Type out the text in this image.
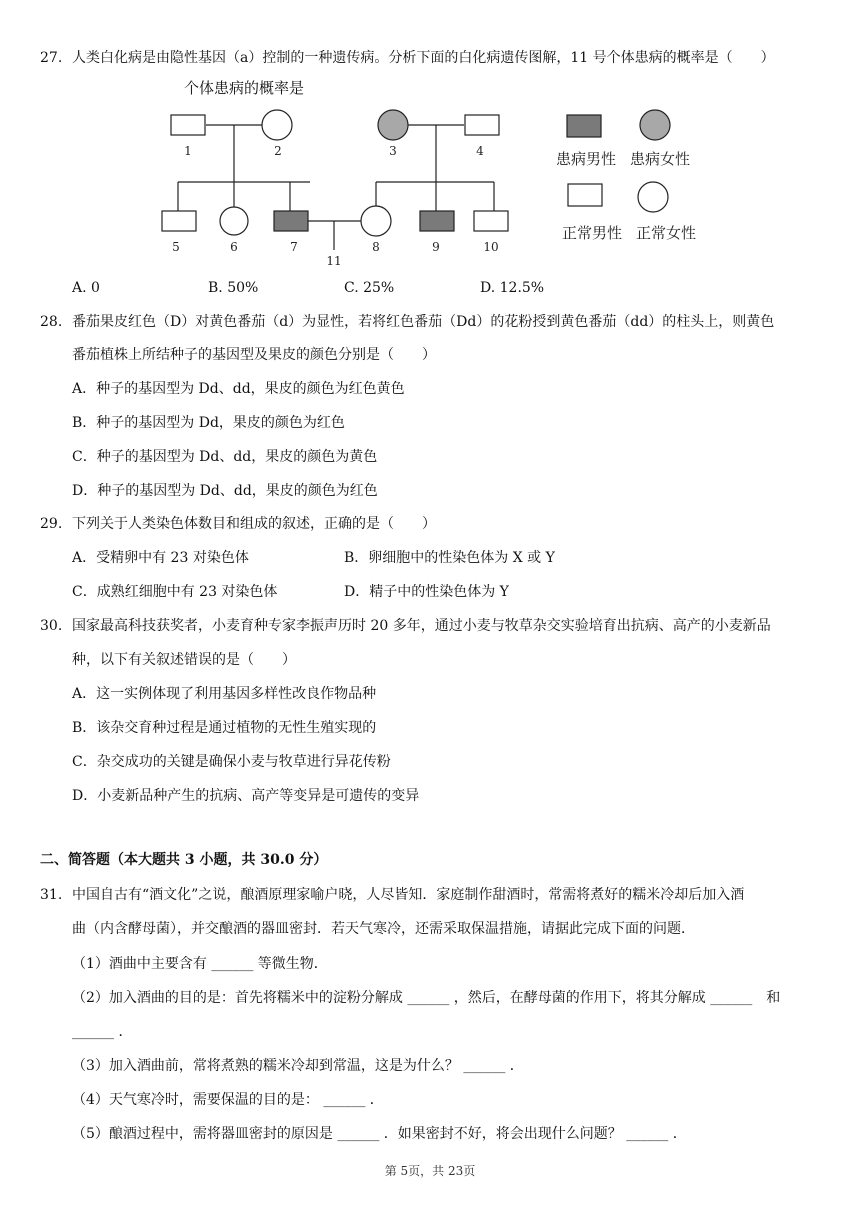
27. 人类白化病是由隐性基因（a）控制的一种遗传病。分析下面的白化病遗传图解，11 号个体患病的概率是（　　）
个体患病的概率是
1	2	3	4
5	6	7	8	9	10
11
患病男性 患病女性
正常男性 正常女性
A. 0	B. 50%	C. 25%	D. 12.5%
28. 番茄果皮红色（D）对黄色番茄（d）为显性，若将红色番茄（Dd）的花粉授到黄色番茄（dd）的柱头上，则黄色
番茄植株上所结种子的基因型及果皮的颜色分别是（　　）
A．种子的基因型为 Dd、dd，果皮的颜色为红色黄色
B．种子的基因型为 Dd，果皮的颜色为红色
C．种子的基因型为 Dd、dd，果皮的颜色为黄色
D．种子的基因型为 Dd、dd，果皮的颜色为红色
29. 下列关于人类染色体数目和组成的叙述，正确的是（　　）
A．受精卵中有 23 对染色体	B．卵细胞中的性染色体为 X 或 Y
C．成熟红细胞中有 23 对染色体	D．精子中的性染色体为 Y
30. 国家最高科技获奖者，小麦育种专家李振声历时 20 多年，通过小麦与牧草杂交实验培育出抗病、高产的小麦新品
种，以下有关叙述错误的是（　　）
A．这一实例体现了利用基因多样性改良作物品种
B．该杂交育种过程是通过植物的无性生殖实现的
C．杂交成功的关键是确保小麦与牧草进行异花传粉
D．小麦新品种产生的抗病、高产等变异是可遗传的变异
二、简答题（本大题共 3 小题，共 30.0 分）
31. 中国自古有“酒文化”之说，酿酒原理家喻户晓，人尽皆知．家庭制作甜酒时，常需将煮好的糯米冷却后加入酒
曲（内含酵母菌），并交酿酒的器皿密封．若天气寒冷，还需采取保温措施，请据此完成下面的问题．
（1）酒曲中主要含有 ______ 等微生物．
（2）加入酒曲的目的是：首先将糯米中的淀粉分解成 ______ ，然后，在酵母菌的作用下，将其分解成 ______　和
______ ．
（3）加入酒曲前，常将煮熟的糯米冷却到常温，这是为什么？ ______ ．
（4）天气寒冷时，需要保温的目的是： ______ ．
（5）酿酒过程中，需将器皿密封的原因是 ______ ．如果密封不好，将会出现什么问题？ ______ ．
第 5页，共 23页
